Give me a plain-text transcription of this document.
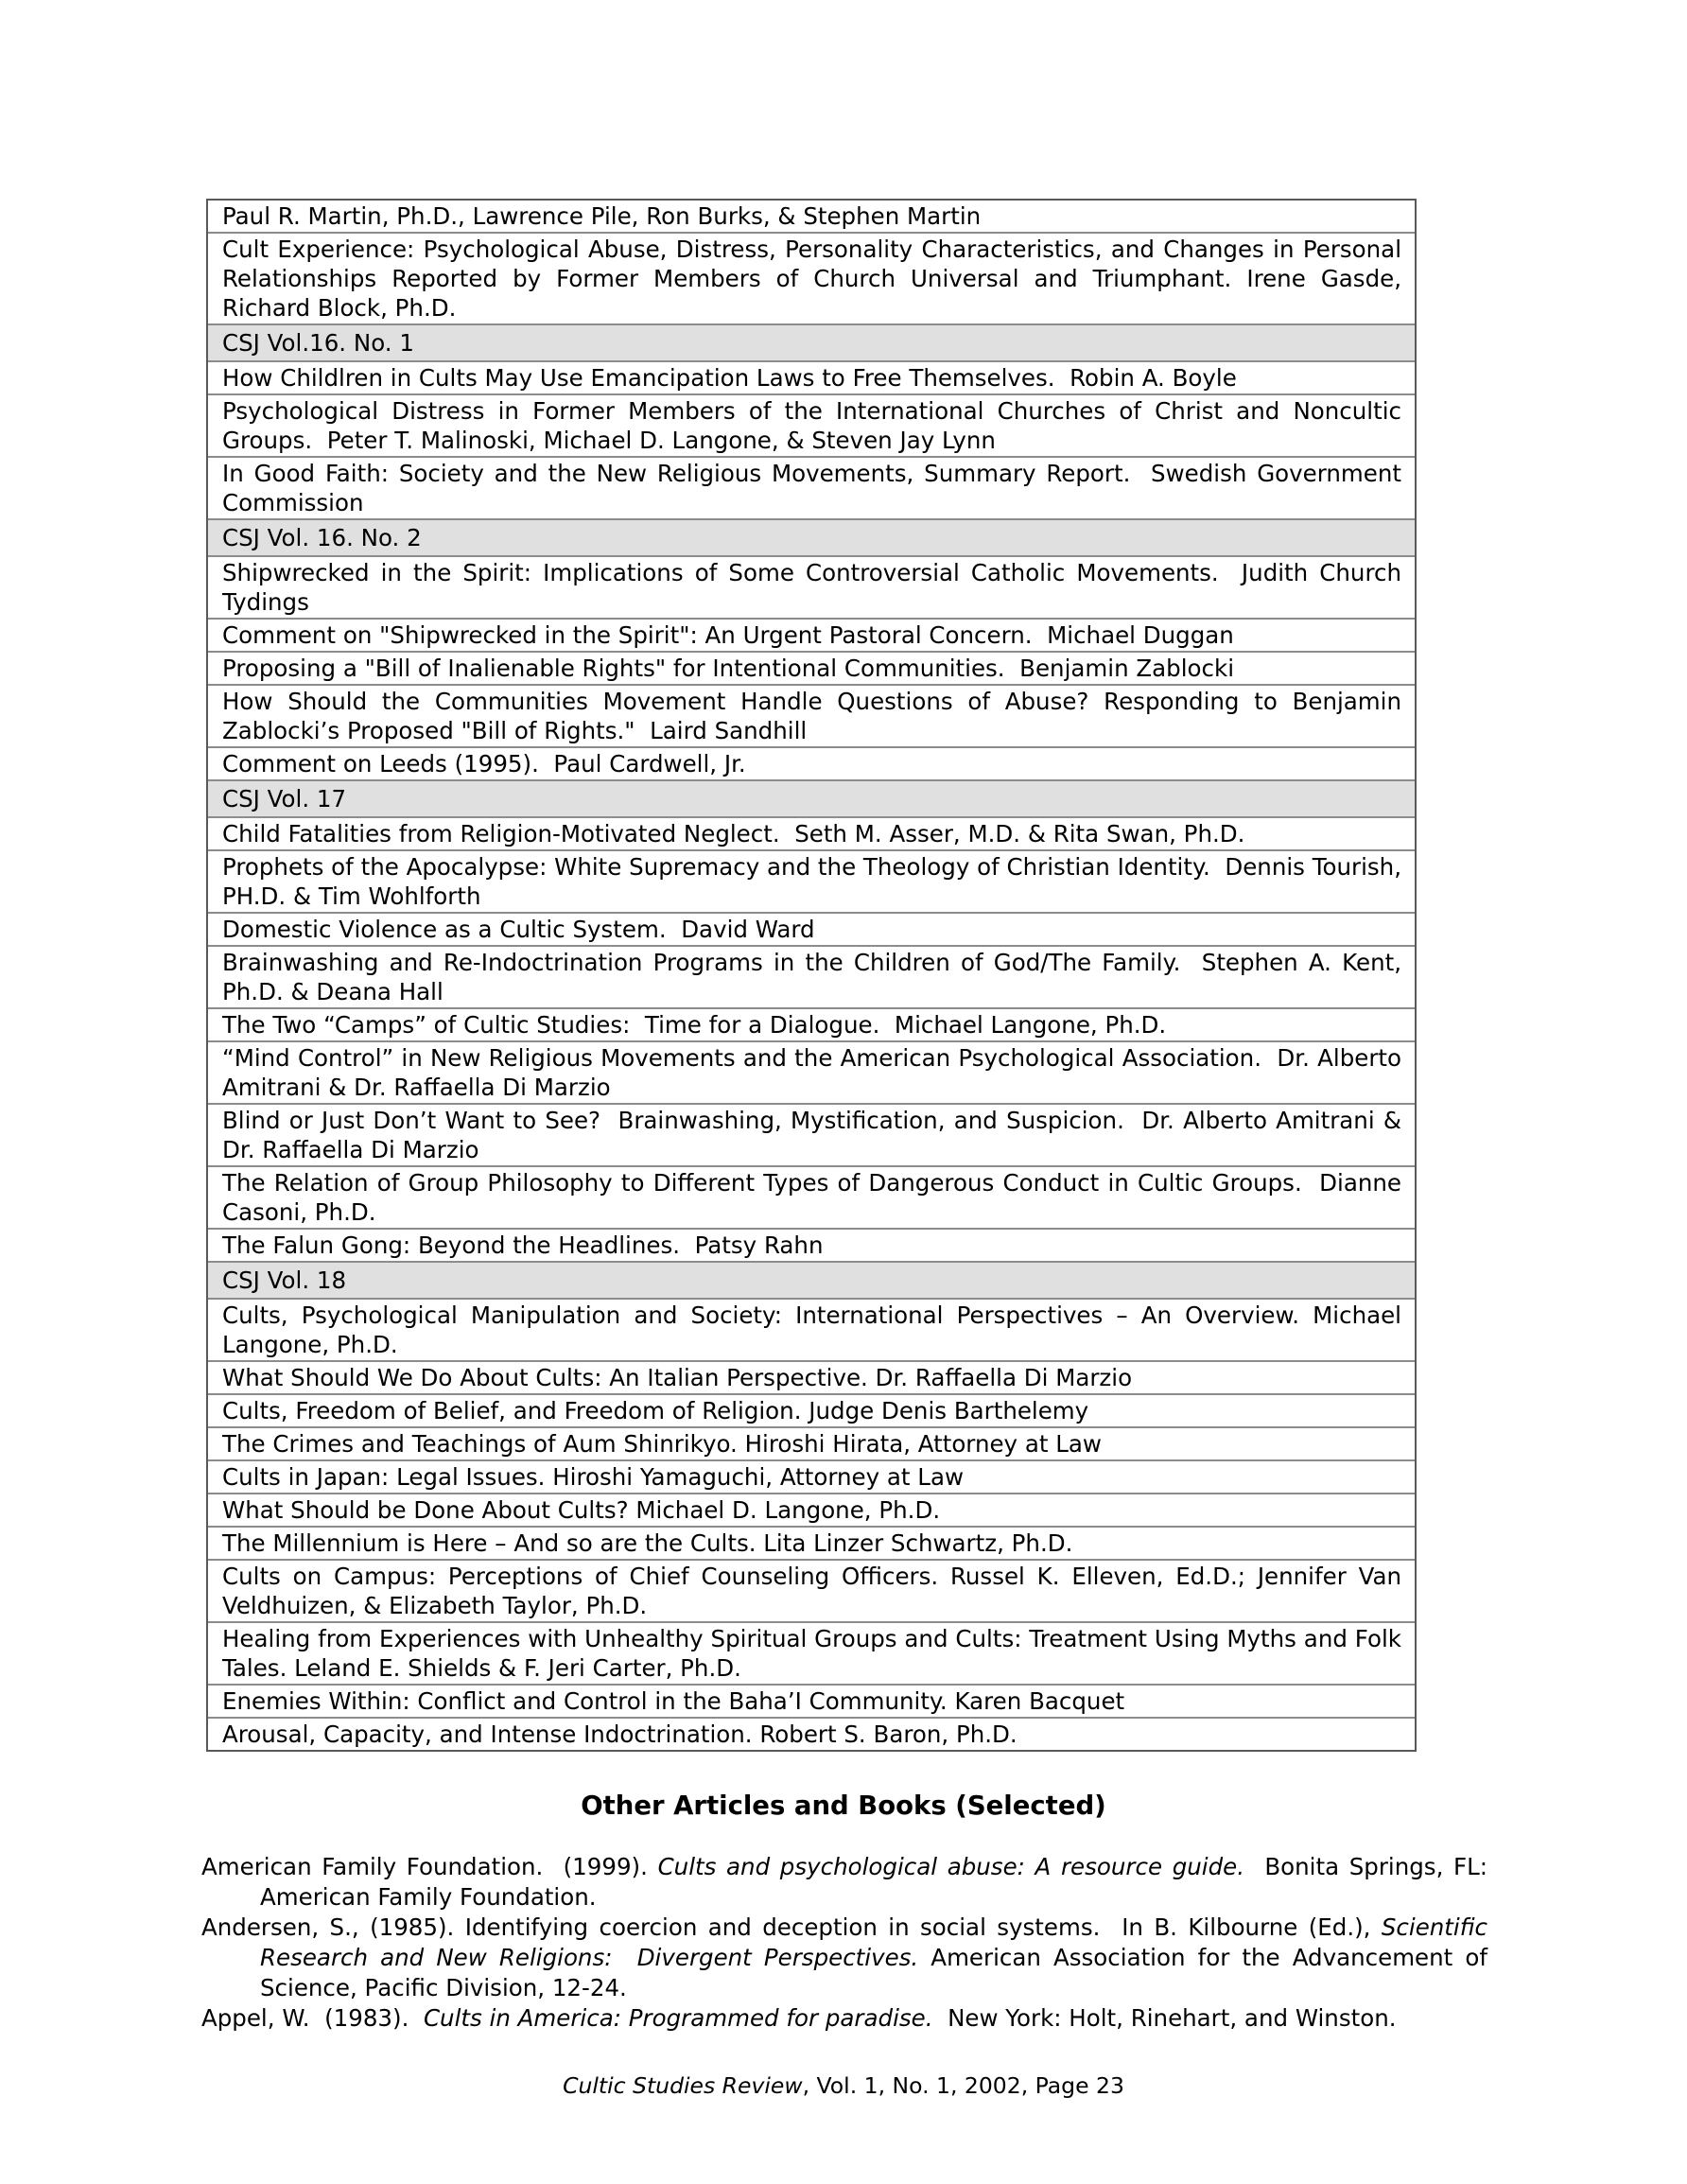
Paul R. Martin, Ph.D., Lawrence Pile, Ron Burks, & Stephen Martin
Cult Experience: Psychological Abuse, Distress, Personality Characteristics, and Changes in Personal Relationships Reported by Former Members of Church Universal and Triumphant. Irene Gasde, Richard Block, Ph.D.
CSJ Vol.16. No. 1
How Childlren in Cults May Use Emancipation Laws to Free Themselves.  Robin A. Boyle
Psychological Distress in Former Members of the International Churches of Christ and Noncultic Groups.  Peter T. Malinoski, Michael D. Langone, & Steven Jay Lynn
In Good Faith: Society and the New Religious Movements, Summary Report.  Swedish Government Commission
CSJ Vol. 16. No. 2
Shipwrecked in the Spirit: Implications of Some Controversial Catholic Movements.  Judith Church Tydings
Comment on "Shipwrecked in the Spirit": An Urgent Pastoral Concern.  Michael Duggan
Proposing a "Bill of Inalienable Rights" for Intentional Communities.  Benjamin Zablocki
How Should the Communities Movement Handle Questions of Abuse? Responding to Benjamin Zablocki’s Proposed "Bill of Rights."  Laird Sandhill
Comment on Leeds (1995).  Paul Cardwell, Jr.
CSJ Vol. 17
Child Fatalities from Religion-Motivated Neglect.  Seth M. Asser, M.D. & Rita Swan, Ph.D.
Prophets of the Apocalypse: White Supremacy and the Theology of Christian Identity.  Dennis Tourish, PH.D. & Tim Wohlforth
Domestic Violence as a Cultic System.  David Ward
Brainwashing and Re-Indoctrination Programs in the Children of God/The Family.  Stephen A. Kent, Ph.D. & Deana Hall
The Two “Camps” of Cultic Studies:  Time for a Dialogue.  Michael Langone, Ph.D.
“Mind Control” in New Religious Movements and the American Psychological Association.  Dr. Alberto Amitrani & Dr. Raffaella Di Marzio
Blind or Just Don’t Want to See?  Brainwashing, Mystification, and Suspicion.  Dr. Alberto Amitrani & Dr. Raffaella Di Marzio
The Relation of Group Philosophy to Different Types of Dangerous Conduct in Cultic Groups.  Dianne Casoni, Ph.D.
The Falun Gong: Beyond the Headlines.  Patsy Rahn
CSJ Vol. 18
Cults, Psychological Manipulation and Society: International Perspectives – An Overview. Michael Langone, Ph.D.
What Should We Do About Cults: An Italian Perspective. Dr. Raffaella Di Marzio
Cults, Freedom of Belief, and Freedom of Religion. Judge Denis Barthelemy
The Crimes and Teachings of Aum Shinrikyo. Hiroshi Hirata, Attorney at Law
Cults in Japan: Legal Issues. Hiroshi Yamaguchi, Attorney at Law
What Should be Done About Cults? Michael D. Langone, Ph.D.
The Millennium is Here – And so are the Cults. Lita Linzer Schwartz, Ph.D.
Cults on Campus: Perceptions of Chief Counseling Officers. Russel K. Elleven, Ed.D.; Jennifer Van Veldhuizen, & Elizabeth Taylor, Ph.D.
Healing from Experiences with Unhealthy Spiritual Groups and Cults: Treatment Using Myths and Folk Tales. Leland E. Shields & F. Jeri Carter, Ph.D.
Enemies Within: Conflict and Control in the Baha’I Community. Karen Bacquet
Arousal, Capacity, and Intense Indoctrination. Robert S. Baron, Ph.D.
Other Articles and Books (Selected)
American Family Foundation.  (1999). Cults and psychological abuse: A resource guide.  Bonita Springs, FL: American Family Foundation.
Andersen, S., (1985). Identifying coercion and deception in social systems.  In B. Kilbourne (Ed.), Scientific Research and New Religions:  Divergent Perspectives. American Association for the Advancement of Science, Pacific Division, 12-24.
Appel, W.  (1983).  Cults in America: Programmed for paradise.  New York: Holt, Rinehart, and Winston.
Cultic Studies Review, Vol. 1, No. 1, 2002, Page 23
